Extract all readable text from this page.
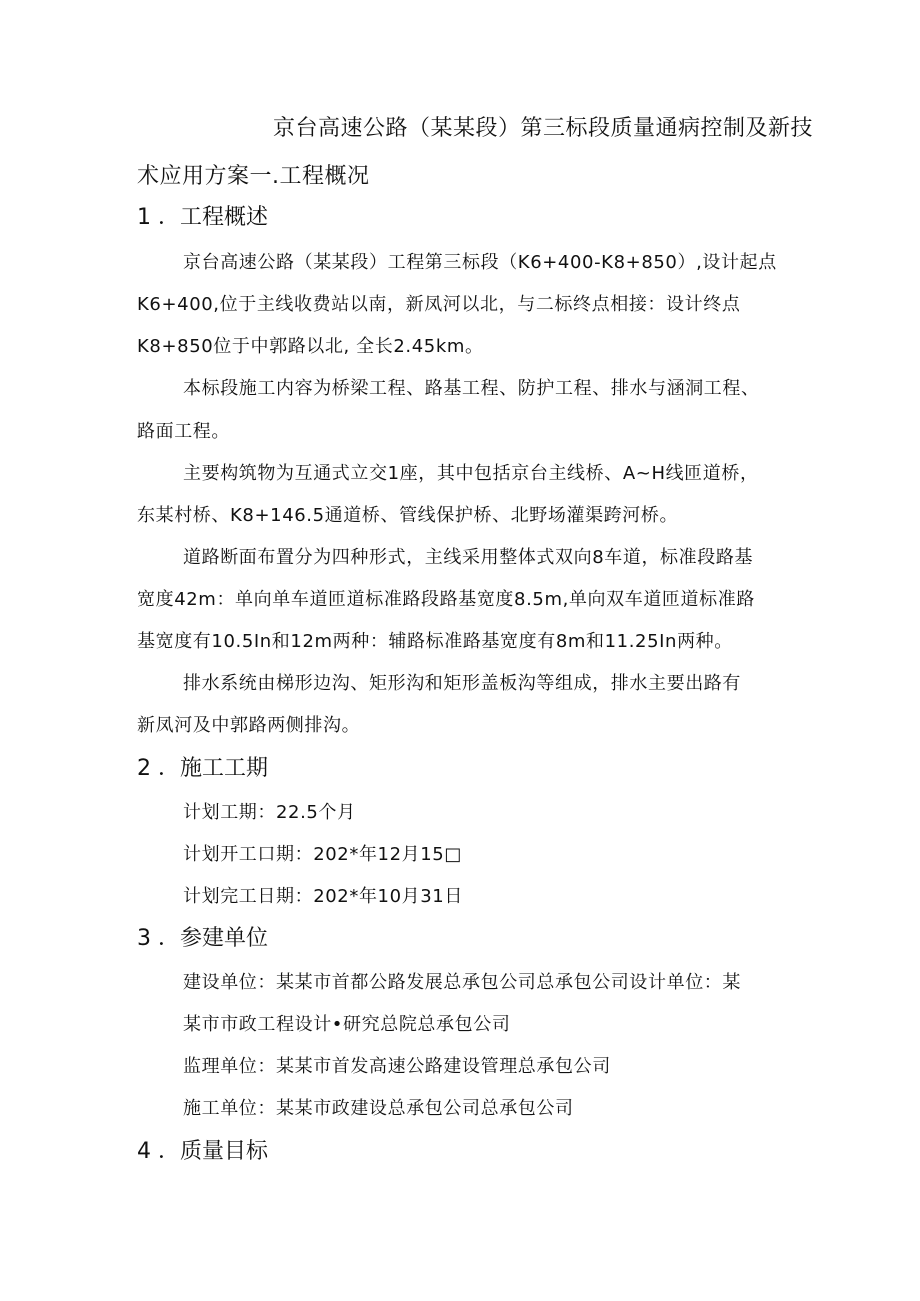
京台高速公路（某某段）第三标段质量通病控制及新技
术应用方案一.工程概况
1 ．工程概述
京台高速公路（某某段）工程第三标段（K6+400-K8+850）,设计起点
K6+400,位于主线收费站以南，新凤河以北，与二标终点相接：设计终点
K8+850位于中郭路以北, 全长2.45km。
本标段施工内容为桥梁工程、路基工程、防护工程、排水与涵洞工程、
路面工程。
主要构筑物为互通式立交1座，其中包括京台主线桥、A~H线匝道桥，
东某村桥、K8+146.5通道桥、管线保护桥、北野场灌渠跨河桥。
道路断面布置分为四种形式，主线采用整体式双向8车道，标准段路基
宽度42m：单向单车道匝道标准路段路基宽度8.5m,单向双车道匝道标准路
基宽度有10.5In和12m两种：辅路标准路基宽度有8m和11.25In两种。
排水系统由梯形边沟、矩形沟和矩形盖板沟等组成，排水主要出路有
新凤河及中郭路两侧排沟。
2 ．施工工期
计划工期：22.5个月
计划开工口期：202*年12月15□
计划完工日期：202*年10月31日
3 ．参建单位
建设单位：某某市首都公路发展总承包公司总承包公司设计单位：某
某市市政工程设计•研究总院总承包公司
监理单位：某某市首发高速公路建设管理总承包公司
施工单位：某某市政建设总承包公司总承包公司
4 ．质量目标
